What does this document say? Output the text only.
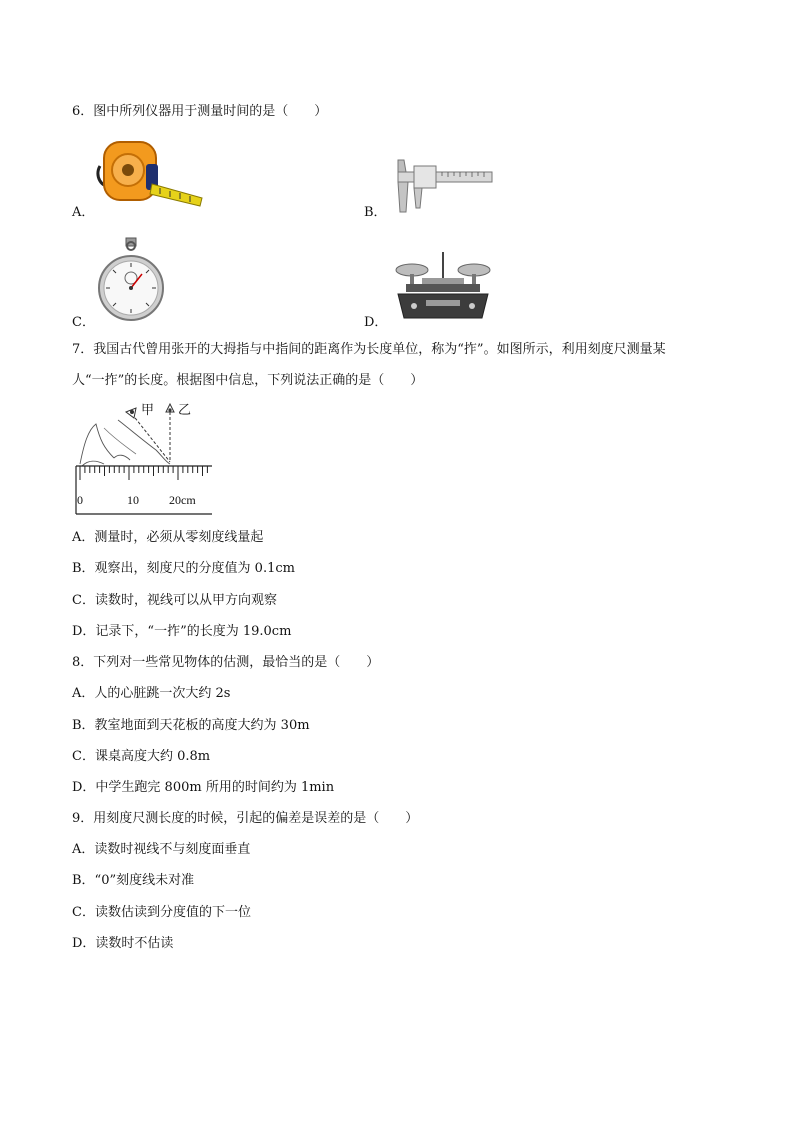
6．图中所列仪器用于测量时间的是（　　）
A．	B．
C．	D．
7．我国古代曾用张开的大拇指与中指间的距离作为长度单位，称为“拃”。如图所示，利用刻度尺测量某
人“一拃”的长度。根据图中信息，下列说法正确的是（　　）
甲 乙
0	10	20cm
A．测量时，必须从零刻度线量起
B．观察出，刻度尺的分度值为 0.1cm
C．读数时，视线可以从甲方向观察
D．记录下，“一拃”的长度为 19.0cm
8．下列对一些常见物体的估测，最恰当的是（　　）
A．人的心脏跳一次大约 2s
B．教室地面到天花板的高度大约为 30m
C．课桌高度大约 0.8m
D．中学生跑完 800m 所用的时间约为 1min
9．用刻度尺测长度的时候，引起的偏差是误差的是（　　）
A．读数时视线不与刻度面垂直
B．“0”刻度线未对准
C．读数估读到分度值的下一位
D．读数时不估读
